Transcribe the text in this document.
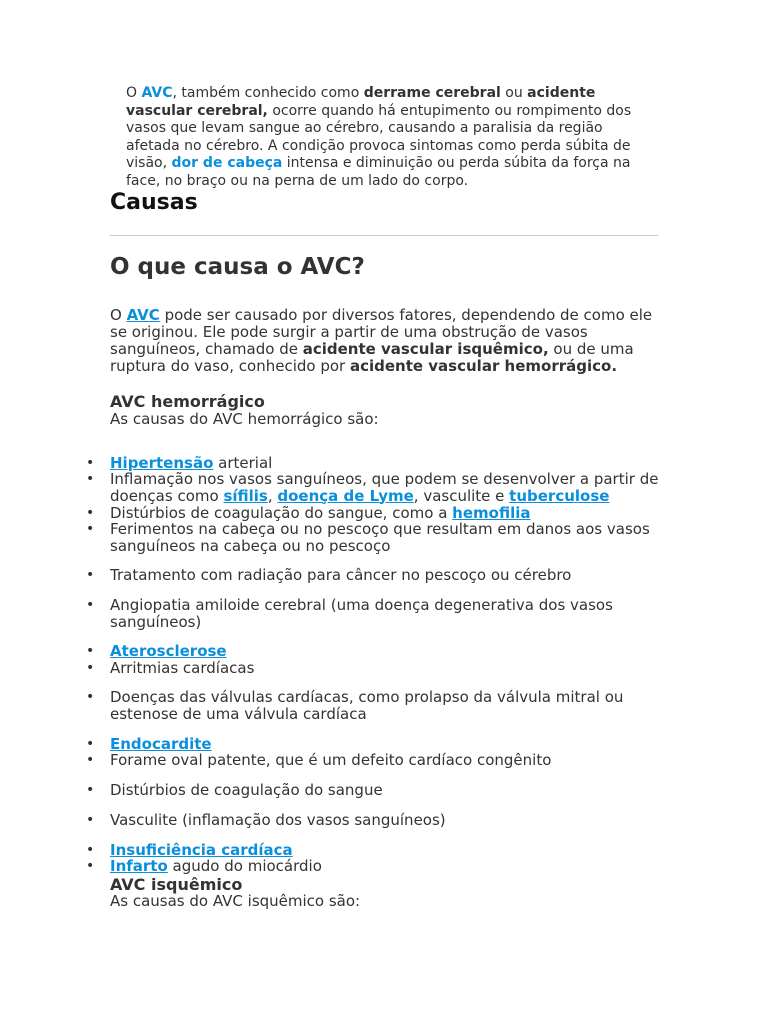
O AVC, também conhecido como derrame cerebral ou acidente vascular cerebral, ocorre quando há entupimento ou rompimento dos vasos que levam sangue ao cérebro, causando a paralisia da região afetada no cérebro. A condição provoca sintomas como perda súbita de visão, dor de cabeça intensa e diminuição ou perda súbita da força na face, no braço ou na perna de um lado do corpo.
Causas
O que causa o AVC?

O AVC pode ser causado por diversos fatores, dependendo de como ele se originou. Ele pode surgir a partir de uma obstrução de vasos sanguíneos, chamado de acidente vascular isquêmico, ou de uma ruptura do vaso, conhecido por acidente vascular hemorrágico.

AVC hemorrágico

As causas do AVC hemorrágico são:

• Hipertensão arterial
• Inflamação nos vasos sanguíneos, que podem se desenvolver a partir de doenças como sífilis, doença de Lyme, vasculite e tuberculose
• Distúrbios de coagulação do sangue, como a hemofilia
• Ferimentos na cabeça ou no pescoço que resultam em danos aos vasos sanguíneos na cabeça ou no pescoço
• Tratamento com radiação para câncer no pescoço ou cérebro
• Angiopatia amiloide cerebral (uma doença degenerativa dos vasos sanguíneos)
• Aterosclerose
• Arritmias cardíacas
• Doenças das válvulas cardíacas, como prolapso da válvula mitral ou estenose de uma válvula cardíaca
• Endocardite
• Forame oval patente, que é um defeito cardíaco congênito
• Distúrbios de coagulação do sangue
• Vasculite (inflamação dos vasos sanguíneos)
• Insuficiência cardíaca
• Infarto agudo do miocárdio
AVC isquêmico

As causas do AVC isquêmico são:
